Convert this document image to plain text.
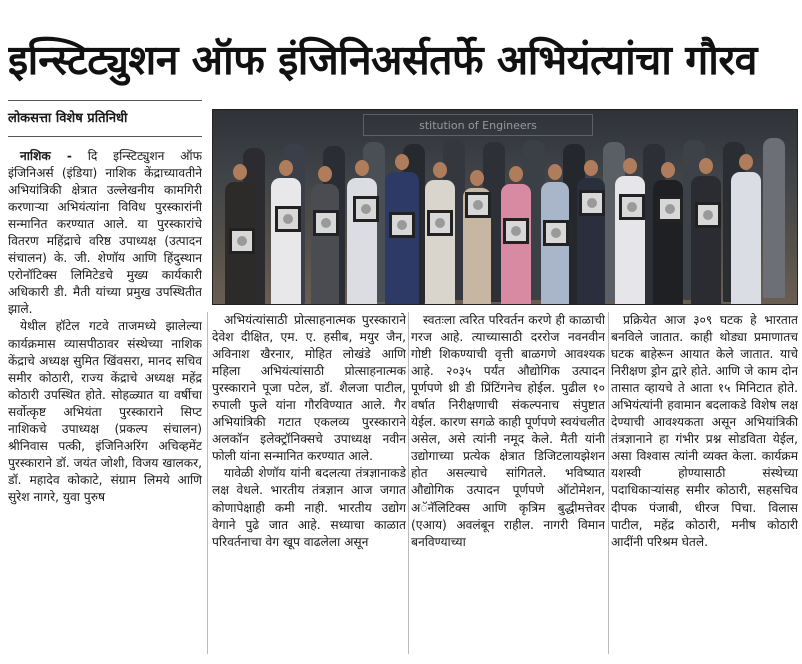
इन्स्टिट्युशन ऑफ इंजिनिअर्सतर्फे अभियंत्यांचा गौरव
लोकसत्ता विशेष प्रतिनिधी	stitution of Engineers
नाशिक - दि इन्स्टिट्युशन ऑफ इंजिनिअर्स (इंडिया) नाशिक केंद्राच्यावतीने अभियांत्रिकी क्षेत्रात उल्लेखनीय कामगिरी करणाऱ्या अभियंत्यांना विविध पुरस्कारांनी सन्मानित करण्यात आले. या पुरस्कारांचे वितरण महिंद्राचे वरिष्ठ उपाध्यक्ष (उत्पादन संचालन) के. जी. शेणॉय आणि हिंदुस्थान एरोनॉटिक्स लिमिटेडचे मुख्य कार्यकारी अधिकारी डी. मैती यांच्या प्रमुख उपस्थितीत झाले.
येथील हॉटेल गटवे ताजमध्ये झालेल्या कार्यक्रमास व्यासपीठावर संस्थेच्या नाशिक केंद्राचे अध्यक्ष सुमित खिंवसरा, मानद सचिव समीर कोठारी, राज्य केंद्राचे अध्यक्ष महेंद्र कोठारी उपस्थित होते. सोहळ्यात या वर्षीचा सर्वोत्कृष्ट अभियंता पुरस्काराने सिप्ट नाशिकचे उपाध्यक्ष (प्रकल्प संचालन) श्रीनिवास पत्की, इंजिनिअरिंग अचिव्हमेंट पुरस्काराने डॉ. जयंत जोशी, विजय खालकर, डॉ. महादेव कोकाटे, संग्राम लिमये आणि सुरेश नागरे, युवा पुरुष
अभियंत्यांसाठी प्रोत्साहनात्मक पुरस्काराने देवेश दीक्षित, एम. ए. हसीब, मयुर जैन, अविनाश खैरनार, मोहित लोखंडे आणि महिला अभियंत्यांसाठी प्रोत्साहनात्मक पुरस्काराने पूजा पटेल, डॉ. शैलजा पाटील, रुपाली फुले यांना गौरविण्यात आले. गैर अभियांत्रिकी गटात एकलव्य पुरस्काराने अलकॉन इलेक्ट्रॉनिक्सचे उपाध्यक्ष नवीन फोली यांना सन्मानित करण्यात आले.
यावेळी शेणॉय यांनी बदलत्या तंत्रज्ञानाकडे लक्ष वेधले. भारतीय तंत्रज्ञान आज जगात कोणापेक्षाही कमी नाही. भारतीय उद्योग वेगाने पुढे जात आहे. सध्याचा काळात परिवर्तनाचा वेग खूप वाढलेला असून
स्वतःला त्वरित परिवर्तन करणे ही काळाची गरज आहे. त्याच्यासाठी दररोज नवनवीन गोष्टी शिकण्याची वृत्ती बाळगणे आवश्यक आहे. २०३५ पर्यंत औद्योगिक उत्पादन पूर्णपणे थ्री डी प्रिंटिंगनेच होईल. पुढील १० वर्षात निरीक्षणाची संकल्पनाच संपुष्टात येईल. कारण सगळे काही पूर्णपणे स्वयंचलीत असेल, असे त्यांनी नमूद केले. मैती यांनी उद्योगाच्या प्रत्येक क्षेत्रात डिजिटलायझेशन होत असल्याचे सांगितले. भविष्यात औद्योगिक उत्पादन पूर्णपणे ऑटोमेशन, अॅनॅलिटिक्स आणि कृत्रिम बुद्धीमत्तेवर (एआय) अवलंबून राहील. नागरी विमान बनविण्याच्या
प्रक्रियेत आज ३०९ घटक हे भारतात बनविले जातात. काही थोड्या प्रमाणातच घटक बाहेरून आयात केले जातात. याचे निरीक्षण ड्रोन द्वारे होते. आणि जे काम दोन तासात व्हायचे ते आता १५ मिनिटात होते. अभियंत्यांनी हवामान बदलाकडे विशेष लक्ष देण्याची आवश्यकता असून अभियांत्रिकी तंत्रज्ञानाने हा गंभीर प्रश्न सोडविता येईल, असा विश्वास त्यांनी व्यक्त केला. कार्यक्रम यशस्वी होण्यासाठी संस्थेच्या पदाधिकाऱ्यांसह समीर कोठारी, सहसचिव दीपक पंजाबी, धीरज पिचा. विलास पाटील, महेंद्र कोठारी, मनीष कोठारी आदींनी परिश्रम घेतले.
